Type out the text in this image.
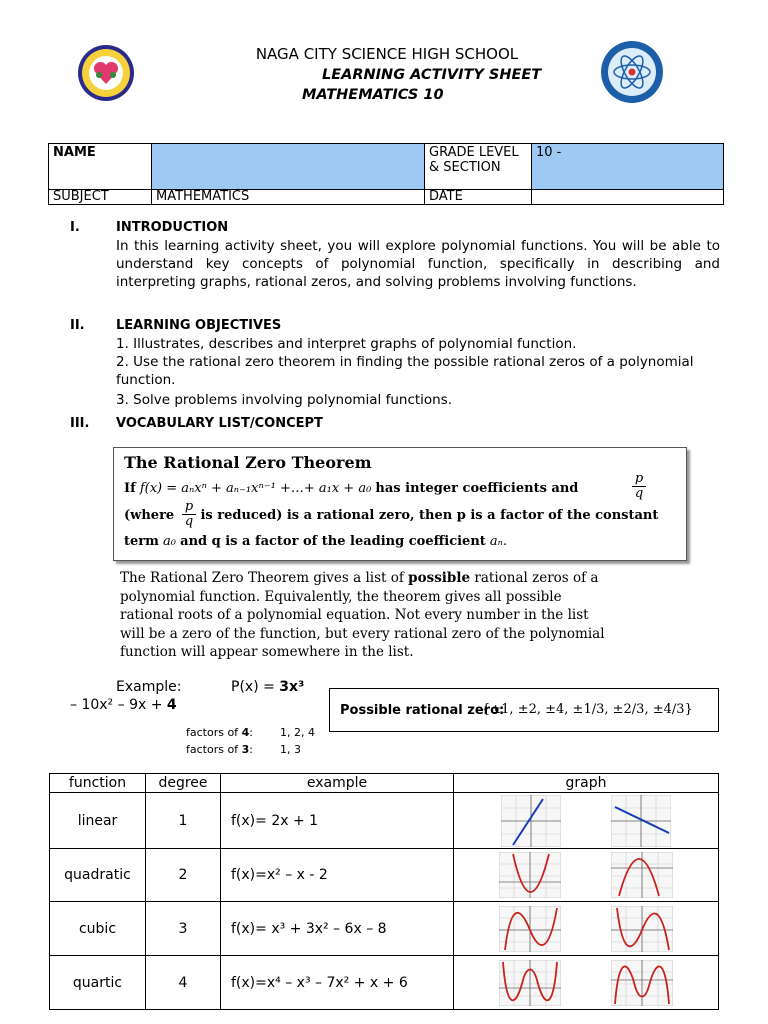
NAGA CITY SCIENCE HIGH SCHOOL
LEARNING ACTIVITY SHEET
MATHEMATICS 10
NAME		GRADE LEVEL & SECTION	10 -
SUBJECT	MATHEMATICS	DATE	
I.	INTRODUCTION
In this learning activity sheet, you will explore polynomial functions. You will be able to understand key concepts of polynomial function, specifically in describing and interpreting graphs, rational zeros, and solving problems involving functions.
II. LEARNING OBJECTIVES
1. Illustrates, describes and interpret graphs of polynomial function.
2. Use the rational zero theorem in finding the possible rational zeros of a polynomial function.
3. Solve problems involving polynomial functions.
III. VOCABULARY LIST/CONCEPT
The Rational Zero Theorem
If f(x) = aₙxⁿ + aₙ₋₁xⁿ⁻¹ +…+ a₁x + a₀ has integer coefficients and
p
q
(where is reduced) is a rational zero, then p is a factor of the constant
p
q
term a₀ and q is a factor of the leading coefficient aₙ.
The Rational Zero Theorem gives a list of possible rational zeros of a polynomial function. Equivalently, the theorem gives all possible rational roots of a polynomial equation. Not every number in the list will be a zero of the function, but every rational zero of the polynomial function will appear somewhere in the list.
Example:	P(x) = 3x³
– 10x² – 9x + 4	Possible rational zero:
{±1, ±2, ±4, ±1/3, ±2/3, ±4/3}
factors of 4: 1, 2, 4
factors of 3: 1, 3
function	degree	example	graph
linear	1	f(x)= 2x + 1	
quadratic	2	f(x)=x² – x - 2	
cubic	3	f(x)= x³ + 3x² – 6x – 8	
quartic	4	f(x)=x⁴ – x³ – 7x² + x + 6	
